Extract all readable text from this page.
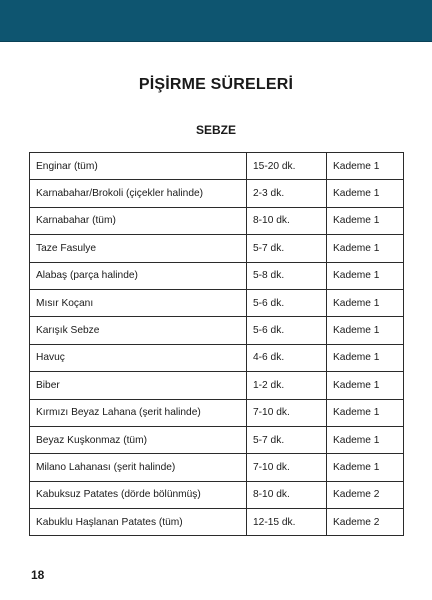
PİŞİRME SÜRELERİ
SEBZE
Enginar (tüm)	15-20 dk.	Kademe 1
Karnabahar/Brokoli (çiçekler halinde)	2-3 dk.	Kademe 1
Karnabahar (tüm)	8-10 dk.	Kademe 1
Taze Fasulye	5-7 dk.	Kademe 1
Alabaş (parça halinde)	5-8 dk.	Kademe 1
Mısır Koçanı	5-6 dk.	Kademe 1
Karışık Sebze	5-6 dk.	Kademe 1
Havuç	4-6 dk.	Kademe 1
Biber	1-2 dk.	Kademe 1
Kırmızı Beyaz Lahana (şerit halinde)	7-10 dk.	Kademe 1
Beyaz Kuşkonmaz (tüm)	5-7 dk.	Kademe 1
Milano Lahanası (şerit halinde)	7-10 dk.	Kademe 1
Kabuksuz Patates (dörde bölünmüş)	8-10 dk.	Kademe 2
Kabuklu Haşlanan Patates (tüm)	12-15 dk.	Kademe 2
18
